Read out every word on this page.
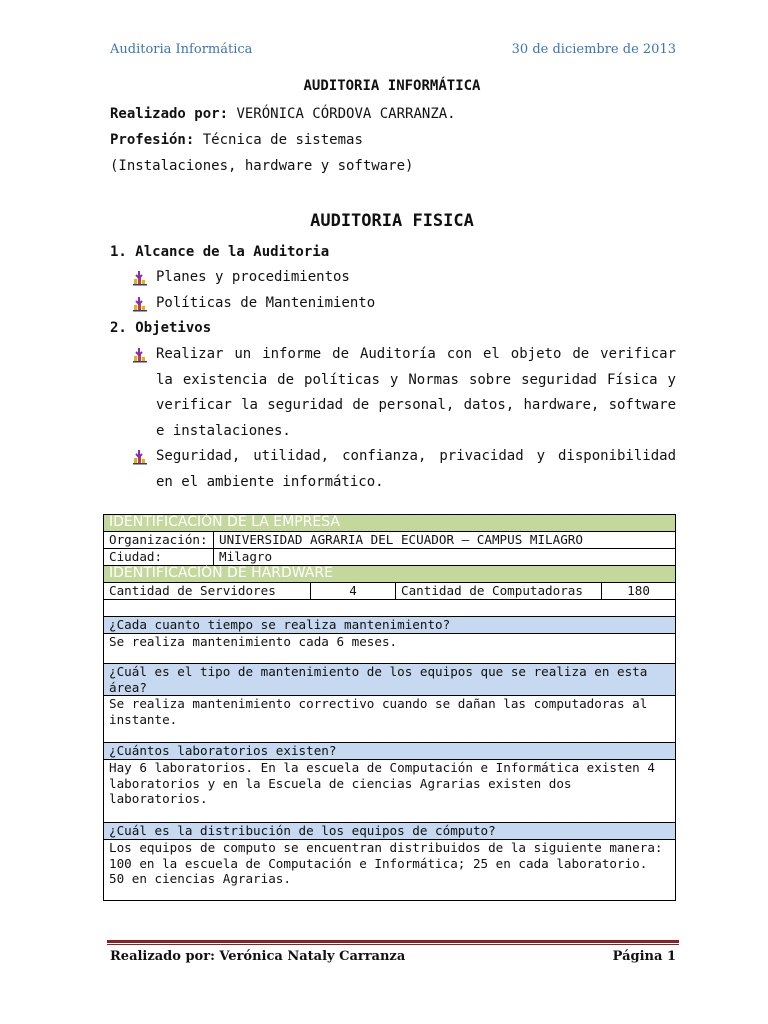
Auditoria Informática	30 de diciembre de 2013
AUDITORIA INFORMÁTICA
Realizado por: VERÓNICA CÓRDOVA CARRANZA.
Profesión: Técnica de sistemas
(Instalaciones, hardware y software)
AUDITORIA FISICA
1. Alcance de la Auditoria
Planes y procedimientos
Políticas de Mantenimiento
2. Objetivos
Realizar un informe de Auditoría con el objeto de verificar la existencia de políticas y Normas sobre seguridad Física y verificar la seguridad de personal, datos, hardware, software e instalaciones.
Seguridad, utilidad, confianza, privacidad y disponibilidad en el ambiente informático.
IDENTIFICACIÓN DE LA EMPRESA				
Organización:	UNIVERSIDAD AGRARIA DEL ECUADOR – CAMPUS MILAGRO			
Ciudad:	Milagro			
IDENTIFICACIÓN DE HARDWARE				
Cantidad de Servidores		4	Cantidad de Computadoras	180

¿Cada cuanto tiempo se realiza mantenimiento?				
Se realiza mantenimiento cada 6 meses.				
¿Cuál es el tipo de mantenimiento de los equipos que se realiza en esta área?				
Se realiza mantenimiento correctivo cuando se dañan las computadoras al instante.				
¿Cuántos laboratorios existen?				
Hay 6 laboratorios. En la escuela de Computación e Informática existen 4 laboratorios y en la Escuela de ciencias Agrarias existen dos laboratorios.				
¿Cuál es la distribución de los equipos de cómputo?				
Los equipos de computo se encuentran distribuidos de la siguiente manera:
100 en la escuela de Computación e Informática; 25 en cada laboratorio.
50 en ciencias Agrarias.				
Realizado por: Verónica Nataly Carranza	Página 1
